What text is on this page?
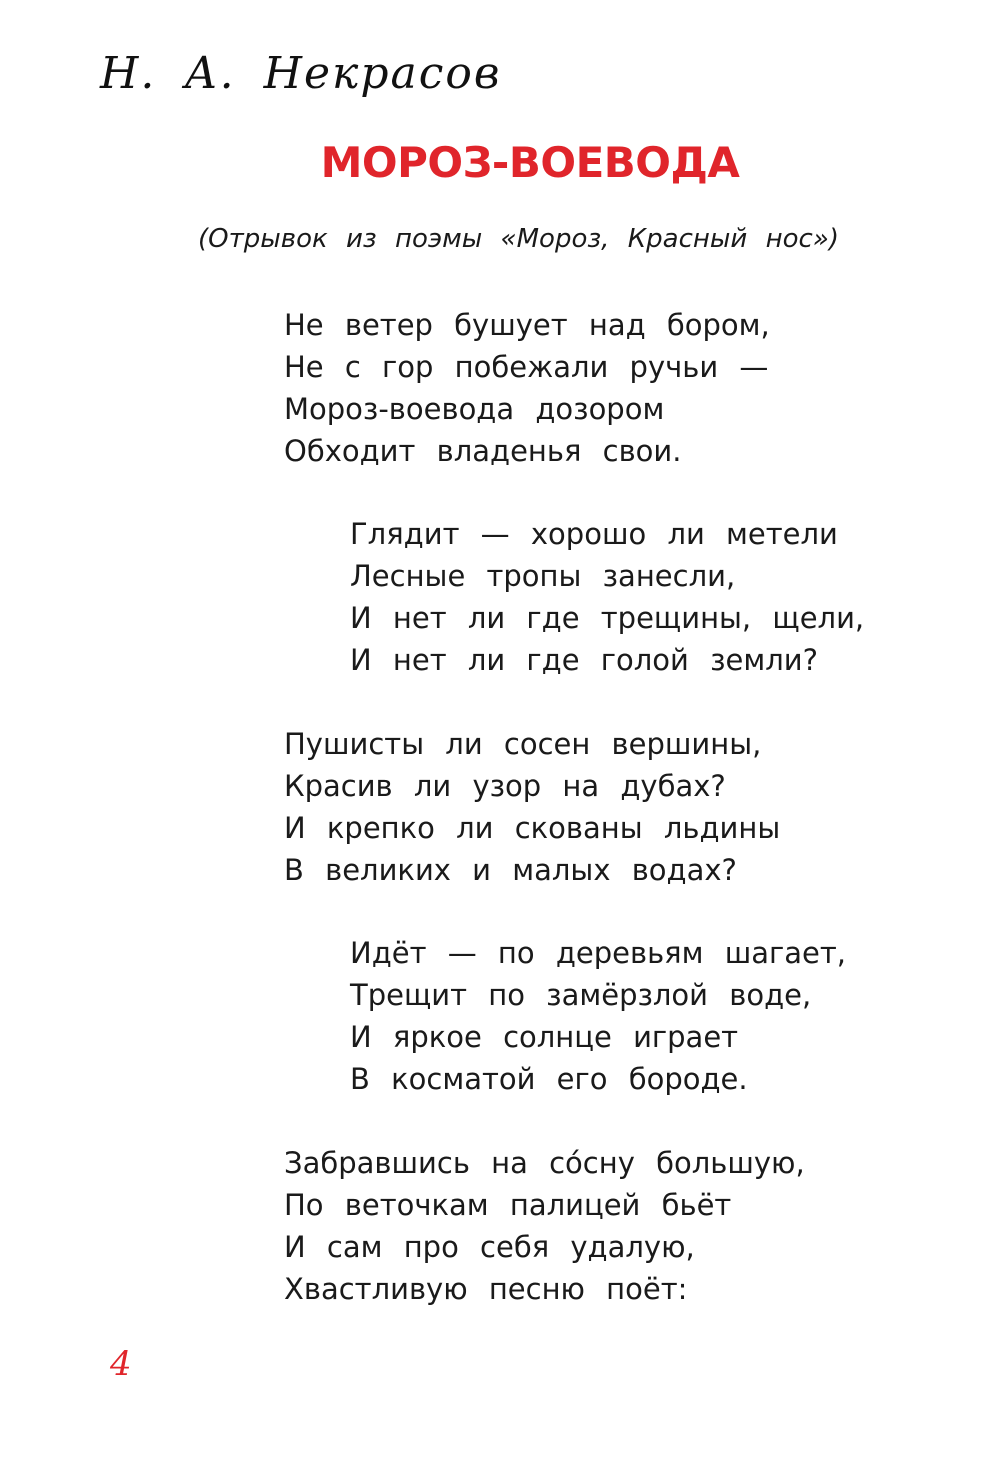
Н. А. Некрасов
МОРОЗ-ВОЕВОДА
(Отрывок из поэмы «Мороз, Красный нос»)
Не ветер бушует над бором,
Не с гор побежали ручьи —
Мороз-воевода дозором
Обходит владенья свои.
Глядит — хорошо ли метели
Лесные тропы занесли,
И нет ли где трещины, щели,
И нет ли где голой земли?
Пушисты ли сосен вершины,
Красив ли узор на дубах?
И крепко ли скованы льдины
В великих и малых водах?
Идёт — по деревьям шагает,
Трещит по замёрзлой воде,
И яркое солнце играет
В косматой его бороде.
Забравшись на со́сну большую,
По веточкам палицей бьёт
И сам про себя удалую,
Хвастливую песню поёт:
4
